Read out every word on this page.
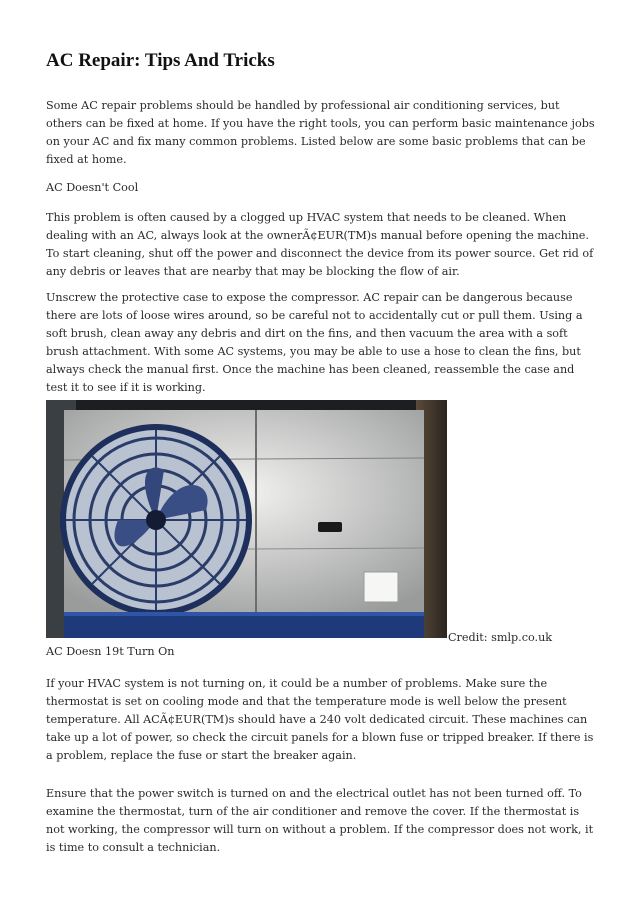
AC Repair: Tips And Tricks

Some AC repair problems should be handled by professional air conditioning services, but others can be fixed at home. If you have the right tools, you can perform basic maintenance jobs on your AC and fix many common problems. Listed below are some basic problems that can be fixed at home.

AC Doesn't Cool

This problem is often caused by a clogged up HVAC system that needs to be cleaned. When dealing with an AC, always look at the ownerÃ¢EUR(TM)s manual before opening the machine. To start cleaning, shut off the power and disconnect the device from its power source. Get rid of any debris or leaves that are nearby that may be blocking the flow of air.

Unscrew the protective case to expose the compressor. AC repair can be dangerous because there are lots of loose wires around, so be careful not to accidentally cut or pull them. Using a soft brush, clean away any debris and dirt on the fins, and then vacuum the area with a soft brush attachment. With some AC systems, you may be able to use a hose to clean the fins, but always check the manual first. Once the machine has been cleaned, reassemble the case and test it to see if it is working.

Credit: smlp.co.uk

AC Doesn 19t Turn On

If your HVAC system is not turning on, it could be a number of problems. Make sure the thermostat is set on cooling mode and that the temperature mode is well below the present temperature. All ACÃ¢EUR(TM)s should have a 240 volt dedicated circuit. These machines can take up a lot of power, so check the circuit panels for a blown fuse or tripped breaker. If there is a problem, replace the fuse or start the breaker again.

Ensure that the power switch is turned on and the electrical outlet has not been turned off. To examine the thermostat, turn of the air conditioner and remove the cover. If the thermostat is not working, the compressor will turn on without a problem. If the compressor does not work, it is time to consult a technician.
